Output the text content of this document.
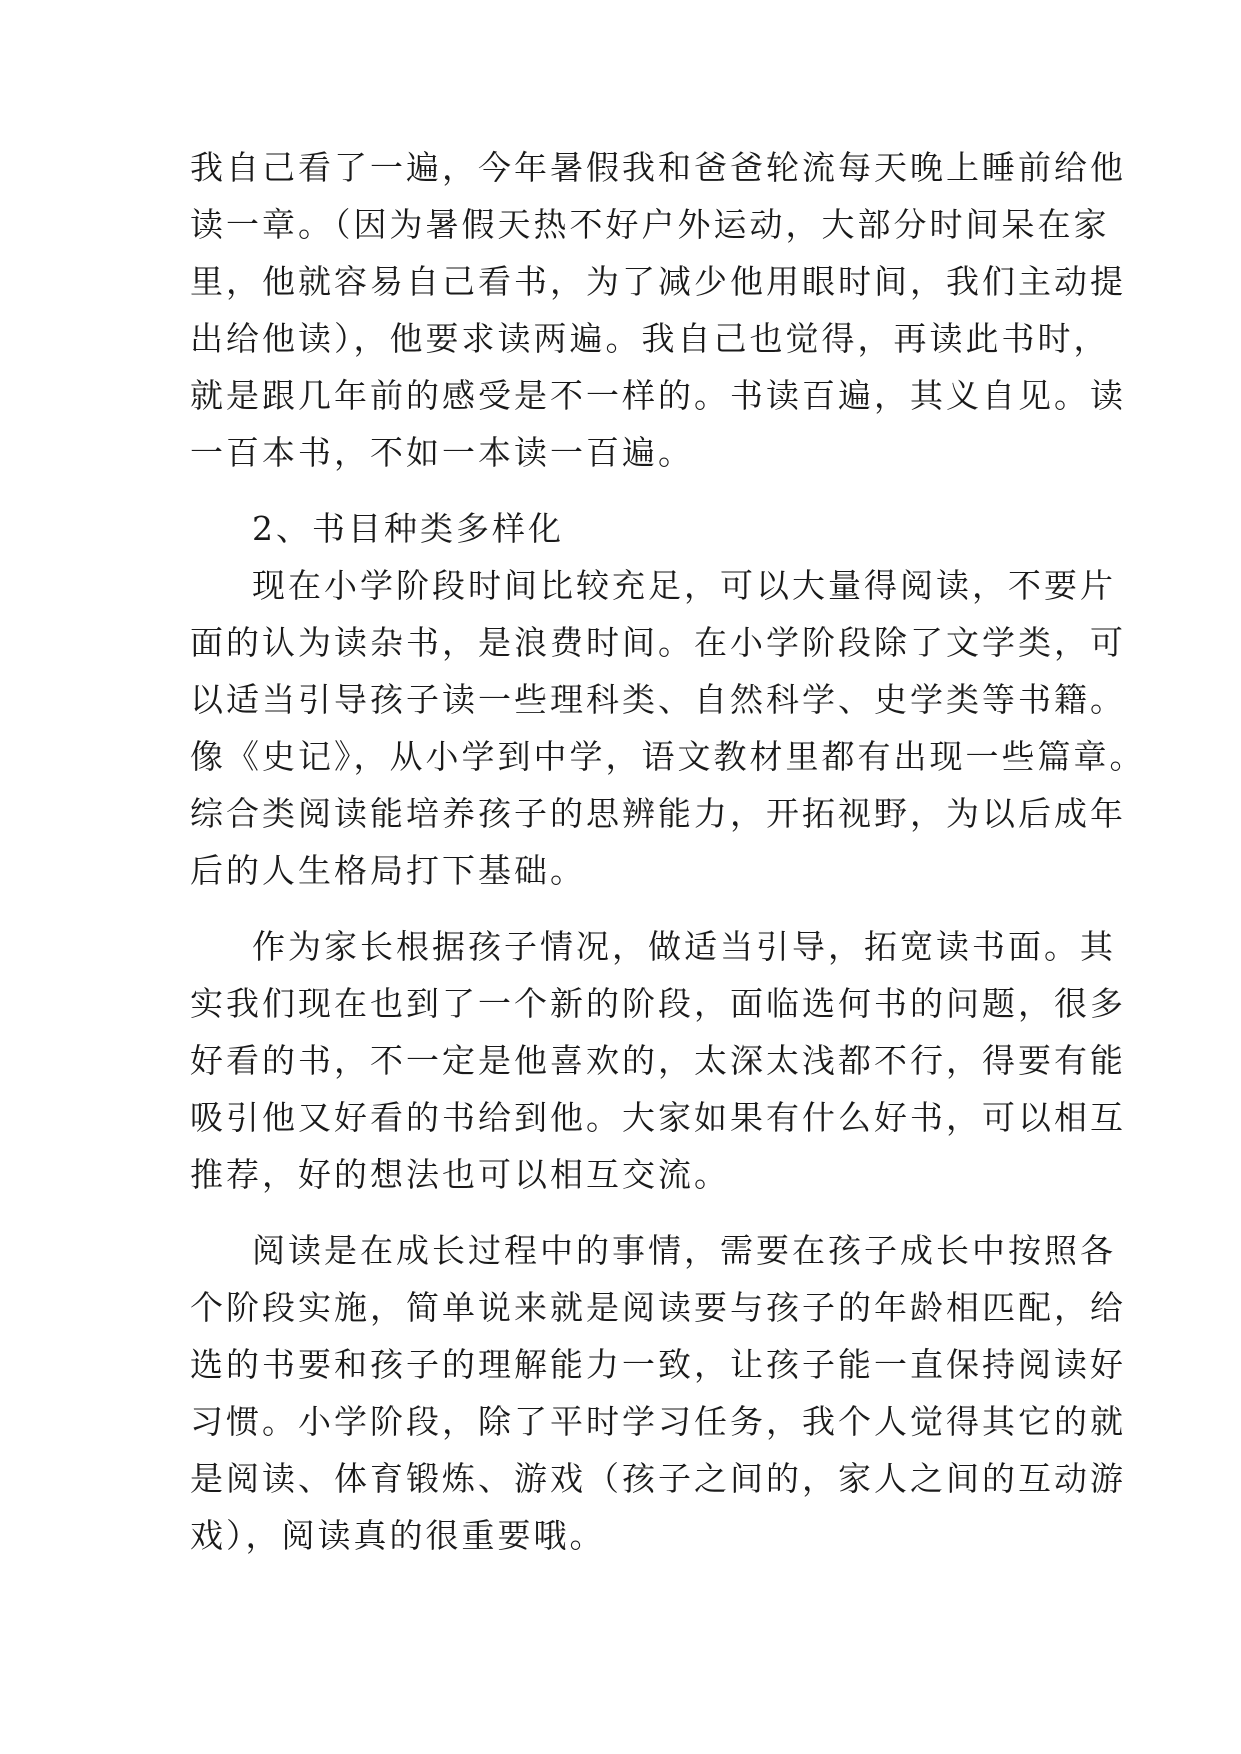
我自己看了一遍，今年暑假我和爸爸轮流每天晚上睡前给他
读一章。（因为暑假天热不好户外运动，大部分时间呆在家
里，他就容易自己看书，为了减少他用眼时间，我们主动提
出给他读），他要求读两遍。我自己也觉得，再读此书时，
就是跟几年前的感受是不一样的。书读百遍，其义自见。读
一百本书，不如一本读一百遍。
2、书目种类多样化
现在小学阶段时间比较充足，可以大量得阅读，不要片
面的认为读杂书，是浪费时间。在小学阶段除了文学类，可
以适当引导孩子读一些理科类、自然科学、史学类等书籍。
像《史记》，从小学到中学，语文教材里都有出现一些篇章。
综合类阅读能培养孩子的思辨能力，开拓视野，为以后成年
后的人生格局打下基础。
作为家长根据孩子情况，做适当引导，拓宽读书面。其
实我们现在也到了一个新的阶段，面临选何书的问题，很多
好看的书，不一定是他喜欢的，太深太浅都不行，得要有能
吸引他又好看的书给到他。大家如果有什么好书，可以相互
推荐，好的想法也可以相互交流。
阅读是在成长过程中的事情，需要在孩子成长中按照各
个阶段实施，简单说来就是阅读要与孩子的年龄相匹配，给
选的书要和孩子的理解能力一致，让孩子能一直保持阅读好
习惯。小学阶段，除了平时学习任务，我个人觉得其它的就
是阅读、体育锻炼、游戏（孩子之间的，家人之间的互动游
戏），阅读真的很重要哦。
